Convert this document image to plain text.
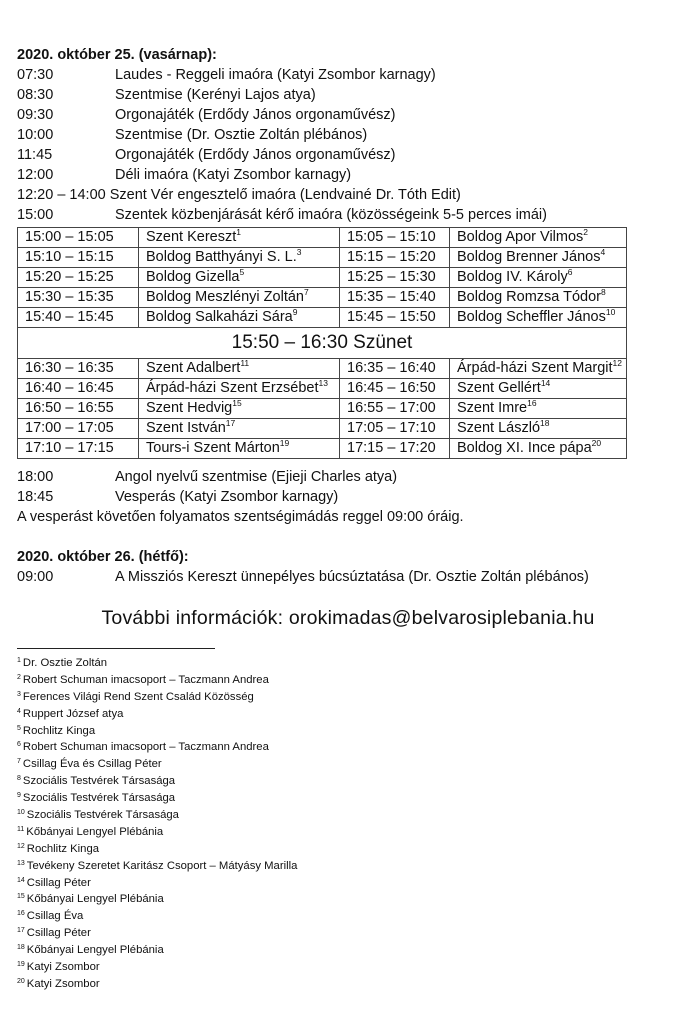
2020. október 25. (vasárnap):
07:30	Laudes - Reggeli imaóra (Katyi Zsombor karnagy)
08:30	Szentmise (Kerényi Lajos atya)
09:30	Orgonajáték (Erdődy János orgonaművész)
10:00	Szentmise (Dr. Osztie Zoltán plébános)
11:45	Orgonajáték (Erdődy János orgonaművész)
12:00	Déli imaóra (Katyi Zsombor karnagy)
12:20 – 14:00 Szent Vér engesztelő imaóra (Lendvainé Dr. Tóth Edit)
15:00	Szentek közbenjárását kérő imaóra (közösségeink 5-5 perces imái)
15:00 – 15:05	Szent Kereszt$^1$	15:05 – 15:10	Boldog Apor Vilmos$^2$
15:10 – 15:15	Boldog Batthyányi S. L.$^3$	15:15 – 15:20	Boldog Brenner János$^4$
15:20 – 15:25	Boldog Gizella$^5$	15:25 – 15:30	Boldog IV. Károly$^6$
15:30 – 15:35	Boldog Meszlényi Zoltán$^7$	15:35 – 15:40	Boldog Romzsa Tódor$^8$
15:40 – 15:45	Boldog Salkaházi Sára$^9$	15:45 – 15:50	Boldog Scheffler János$^{10}$
15:50 – 16:30 Szünet			
16:30 – 16:35	Szent Adalbert$^{11}$	16:35 – 16:40	Árpád-házi Szent Margit$^{12}$
16:40 – 16:45	Árpád-házi Szent Erzsébet$^{13}$	16:45 – 16:50	Szent Gellért$^{14}$
16:50 – 16:55	Szent Hedvig$^{15}$	16:55 – 17:00	Szent Imre$^{16}$
17:00 – 17:05	Szent István$^{17}$	17:05 – 17:10	Szent László$^{18}$
17:10 – 17:15	Tours-i Szent Márton$^{19}$	17:15 – 17:20	Boldog XI. Ince pápa$^{20}$
18:00	Angol nyelvű szentmise (Ejieji Charles atya)
18:45	Vesperás (Katyi Zsombor karnagy)
A vesperást követően folyamatos szentségimádás reggel 09:00 óráig.
2020. október 26. (hétfő):
09:00	A Missziós Kereszt ünnepélyes búcsúztatása (Dr. Osztie Zoltán plébános)
További információk: orokimadas@belvarosiplebania.hu
$^1$ Dr. Osztie Zoltán
$^2$ Robert Schuman imacsoport – Taczmann Andrea
$^3$ Ferences Világi Rend Szent Család Közösség
$^4$ Ruppert József atya
$^5$ Rochlitz Kinga
$^6$ Robert Schuman imacsoport – Taczmann Andrea
$^7$ Csillag Éva és Csillag Péter
$^8$ Szociális Testvérek Társasága
$^9$ Szociális Testvérek Társasága
$^{10}$ Szociális Testvérek Társasága
$^{11}$ Kőbányai Lengyel Plébánia
$^{12}$ Rochlitz Kinga
$^{13}$ Tevékeny Szeretet Karitász Csoport – Mátyásy Marilla
$^{14}$ Csillag Péter
$^{15}$ Kőbányai Lengyel Plébánia
$^{16}$ Csillag Éva
$^{17}$ Csillag Péter
$^{18}$ Kőbányai Lengyel Plébánia
$^{19}$ Katyi Zsombor
$^{20}$ Katyi Zsombor
